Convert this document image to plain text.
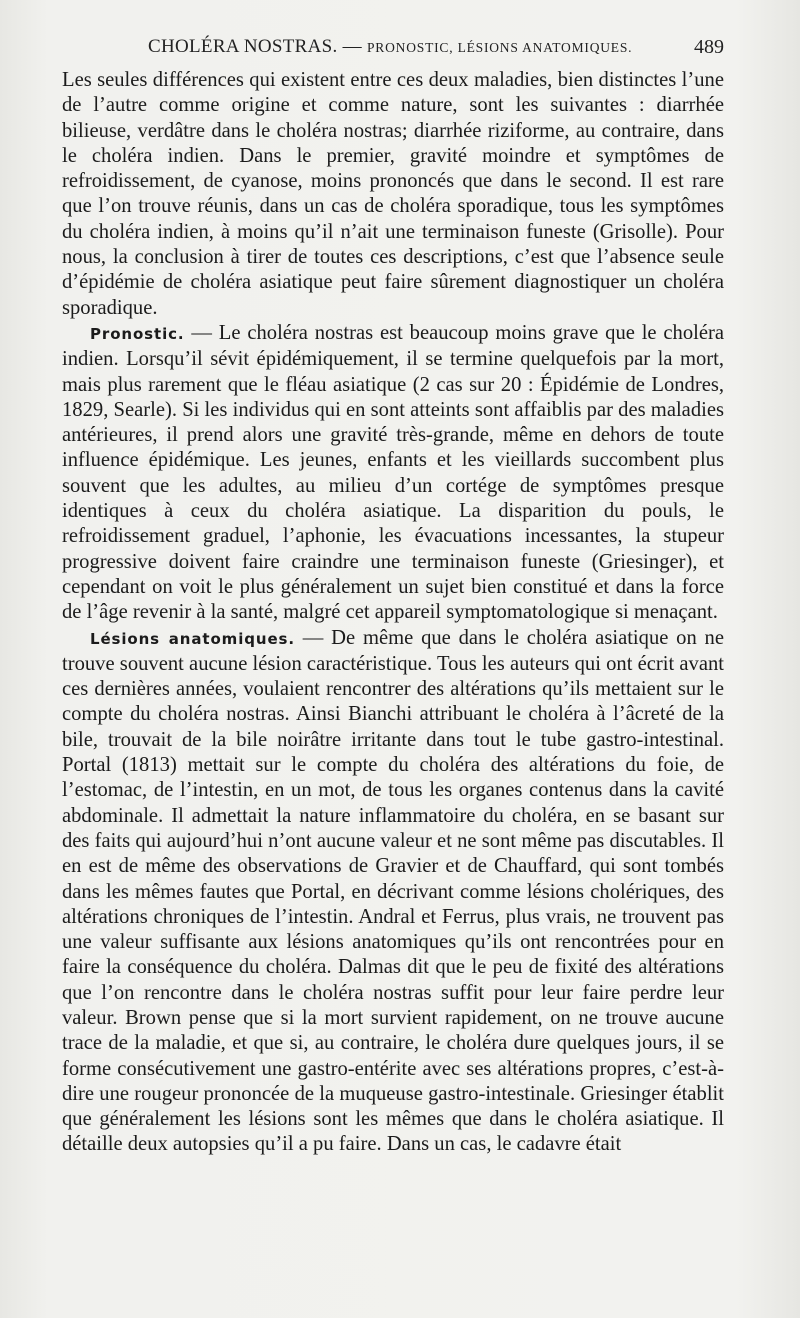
CHOLÉRA NOSTRAS. — PRONOSTIC, LÉSIONS ANATOMIQUES.	489

Les seules différences qui existent entre ces deux maladies, bien distinctes l’une de l’autre comme origine et comme nature, sont les suivantes : diarrhée bilieuse, verdâtre dans le choléra nostras; diarrhée riziforme, au contraire, dans le choléra indien. Dans le premier, gravité moindre et symptômes de refroidissement, de cyanose, moins prononcés que dans le second. Il est rare que l’on trouve réunis, dans un cas de choléra sporadique, tous les symptômes du choléra indien, à moins qu’il n’ait une terminaison funeste (Grisolle). Pour nous, la conclusion à tirer de toutes ces descriptions, c’est que l’absence seule d’épidémie de choléra asiatique peut faire sûrement diagnostiquer un choléra sporadique.

Pronostic. — Le choléra nostras est beaucoup moins grave que le choléra indien. Lorsqu’il sévit épidémiquement, il se termine quelquefois par la mort, mais plus rarement que le fléau asiatique (2 cas sur 20 : Épidémie de Londres, 1829, Searle). Si les individus qui en sont atteints sont affaiblis par des maladies antérieures, il prend alors une gravité très-grande, même en dehors de toute influence épidémique. Les jeunes, enfants et les vieillards succombent plus souvent que les adultes, au milieu d’un cortége de symptômes presque identiques à ceux du choléra asiatique. La disparition du pouls, le refroidissement graduel, l’aphonie, les évacuations incessantes, la stupeur progressive doivent faire craindre une terminaison funeste (Griesinger), et cependant on voit le plus généralement un sujet bien constitué et dans la force de l’âge revenir à la santé, malgré cet appareil symptomatologique si menaçant.

Lésions anatomiques. — De même que dans le choléra asiatique on ne trouve souvent aucune lésion caractéristique. Tous les auteurs qui ont écrit avant ces dernières années, voulaient rencontrer des altérations qu’ils mettaient sur le compte du choléra nostras. Ainsi Bianchi attribuant le choléra à l’âcreté de la bile, trouvait de la bile noirâtre irritante dans tout le tube gastro-intestinal. Portal (1813) mettait sur le compte du choléra des altérations du foie, de l’estomac, de l’intestin, en un mot, de tous les organes contenus dans la cavité abdominale. Il admettait la nature inflammatoire du choléra, en se basant sur des faits qui aujourd’hui n’ont aucune valeur et ne sont même pas discutables. Il en est de même des observations de Gravier et de Chauffard, qui sont tombés dans les mêmes fautes que Portal, en décrivant comme lésions cholériques, des altérations chroniques de l’intestin. Andral et Ferrus, plus vrais, ne trouvent pas une valeur suffisante aux lésions anatomiques qu’ils ont rencontrées pour en faire la conséquence du choléra. Dalmas dit que le peu de fixité des altérations que l’on rencontre dans le choléra nostras suffit pour leur faire perdre leur valeur. Brown pense que si la mort survient rapidement, on ne trouve aucune trace de la maladie, et que si, au contraire, le choléra dure quelques jours, il se forme consécutivement une gastro-entérite avec ses altérations propres, c’est-à-dire une rougeur prononcée de la muqueuse gastro-intestinale. Griesinger établit que généralement les lésions sont les mêmes que dans le choléra asiatique. Il détaille deux autopsies qu’il a pu faire. Dans un cas, le cadavre était
